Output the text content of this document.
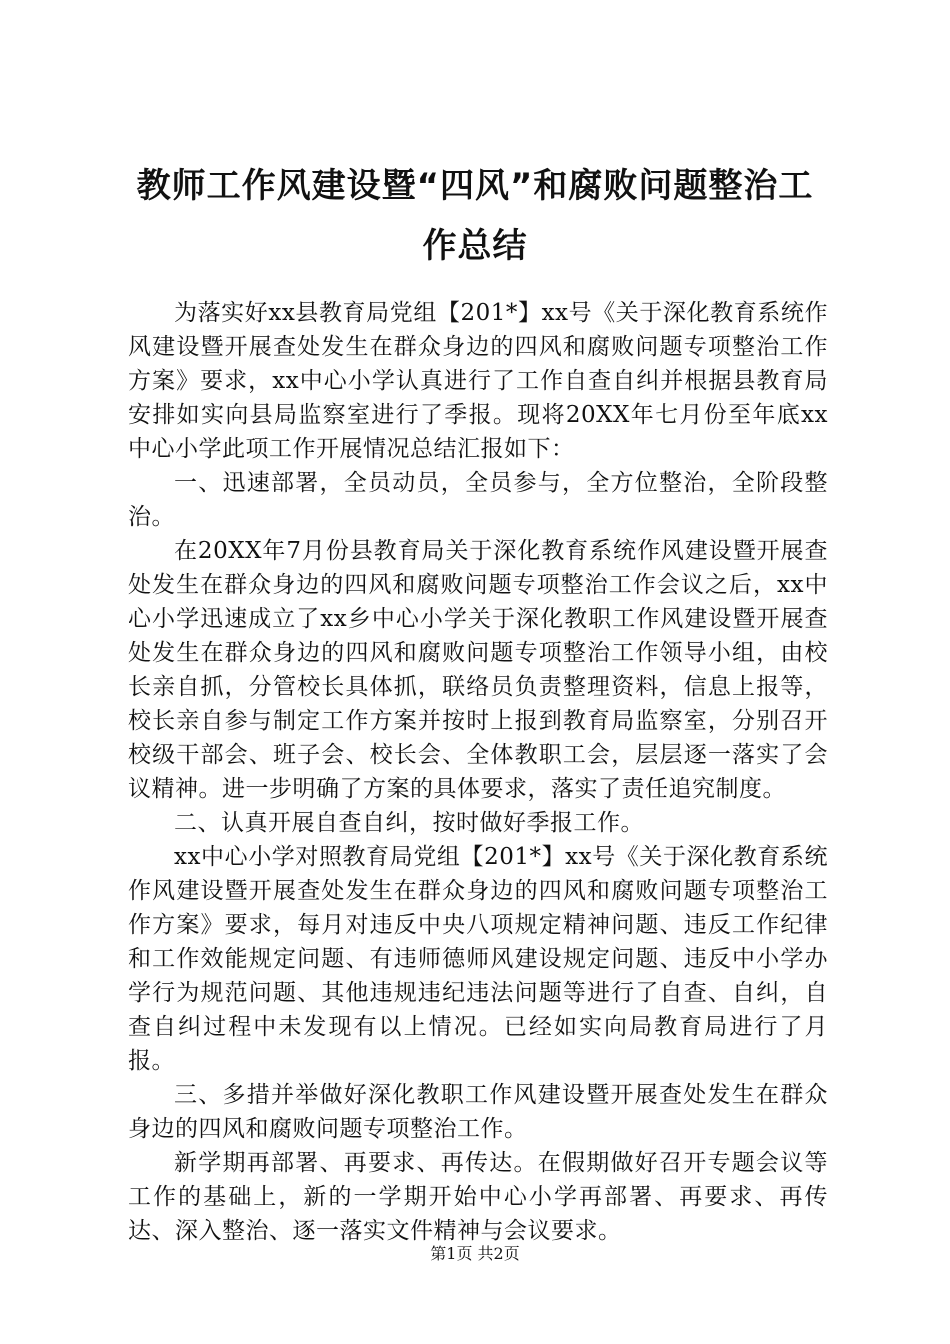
教师工作风建设暨“四风”和腐败问题整治工
作总结

为落实好xx县教育局党组【201*】xx号《关于深化教育系统作风建设暨开展查处发生在群众身边的四风和腐败问题专项整治工作方案》要求，xx中心小学认真进行了工作自查自纠并根据县教育局安排如实向县局监察室进行了季报。现将20XX年七月份至年底xx中心小学此项工作开展情况总结汇报如下：

一、迅速部署，全员动员，全员参与，全方位整治，全阶段整治。

在20XX年7月份县教育局关于深化教育系统作风建设暨开展查处发生在群众身边的四风和腐败问题专项整治工作会议之后，xx中心小学迅速成立了xx乡中心小学关于深化教职工作风建设暨开展查处发生在群众身边的四风和腐败问题专项整治工作领导小组，由校长亲自抓，分管校长具体抓，联络员负责整理资料，信息上报等，校长亲自参与制定工作方案并按时上报到教育局监察室，分别召开校级干部会、班子会、校长会、全体教职工会，层层逐一落实了会议精神。进一步明确了方案的具体要求，落实了责任追究制度。

二、认真开展自查自纠，按时做好季报工作。

xx中心小学对照教育局党组【201*】xx号《关于深化教育系统作风建设暨开展查处发生在群众身边的四风和腐败问题专项整治工作方案》要求，每月对违反中央八项规定精神问题、违反工作纪律和工作效能规定问题、有违师德师风建设规定问题、违反中小学办学行为规范问题、其他违规违纪违法问题等进行了自查、自纠，自查自纠过程中未发现有以上情况。已经如实向局教育局进行了月报。

三、多措并举做好深化教职工作风建设暨开展查处发生在群众身边的四风和腐败问题专项整治工作。

新学期再部署、再要求、再传达。在假期做好召开专题会议等工作的基础上，新的一学期开始中心小学再部署、再要求、再传达、深入整治、逐一落实文件精神与会议要求。

第1页 共2页
